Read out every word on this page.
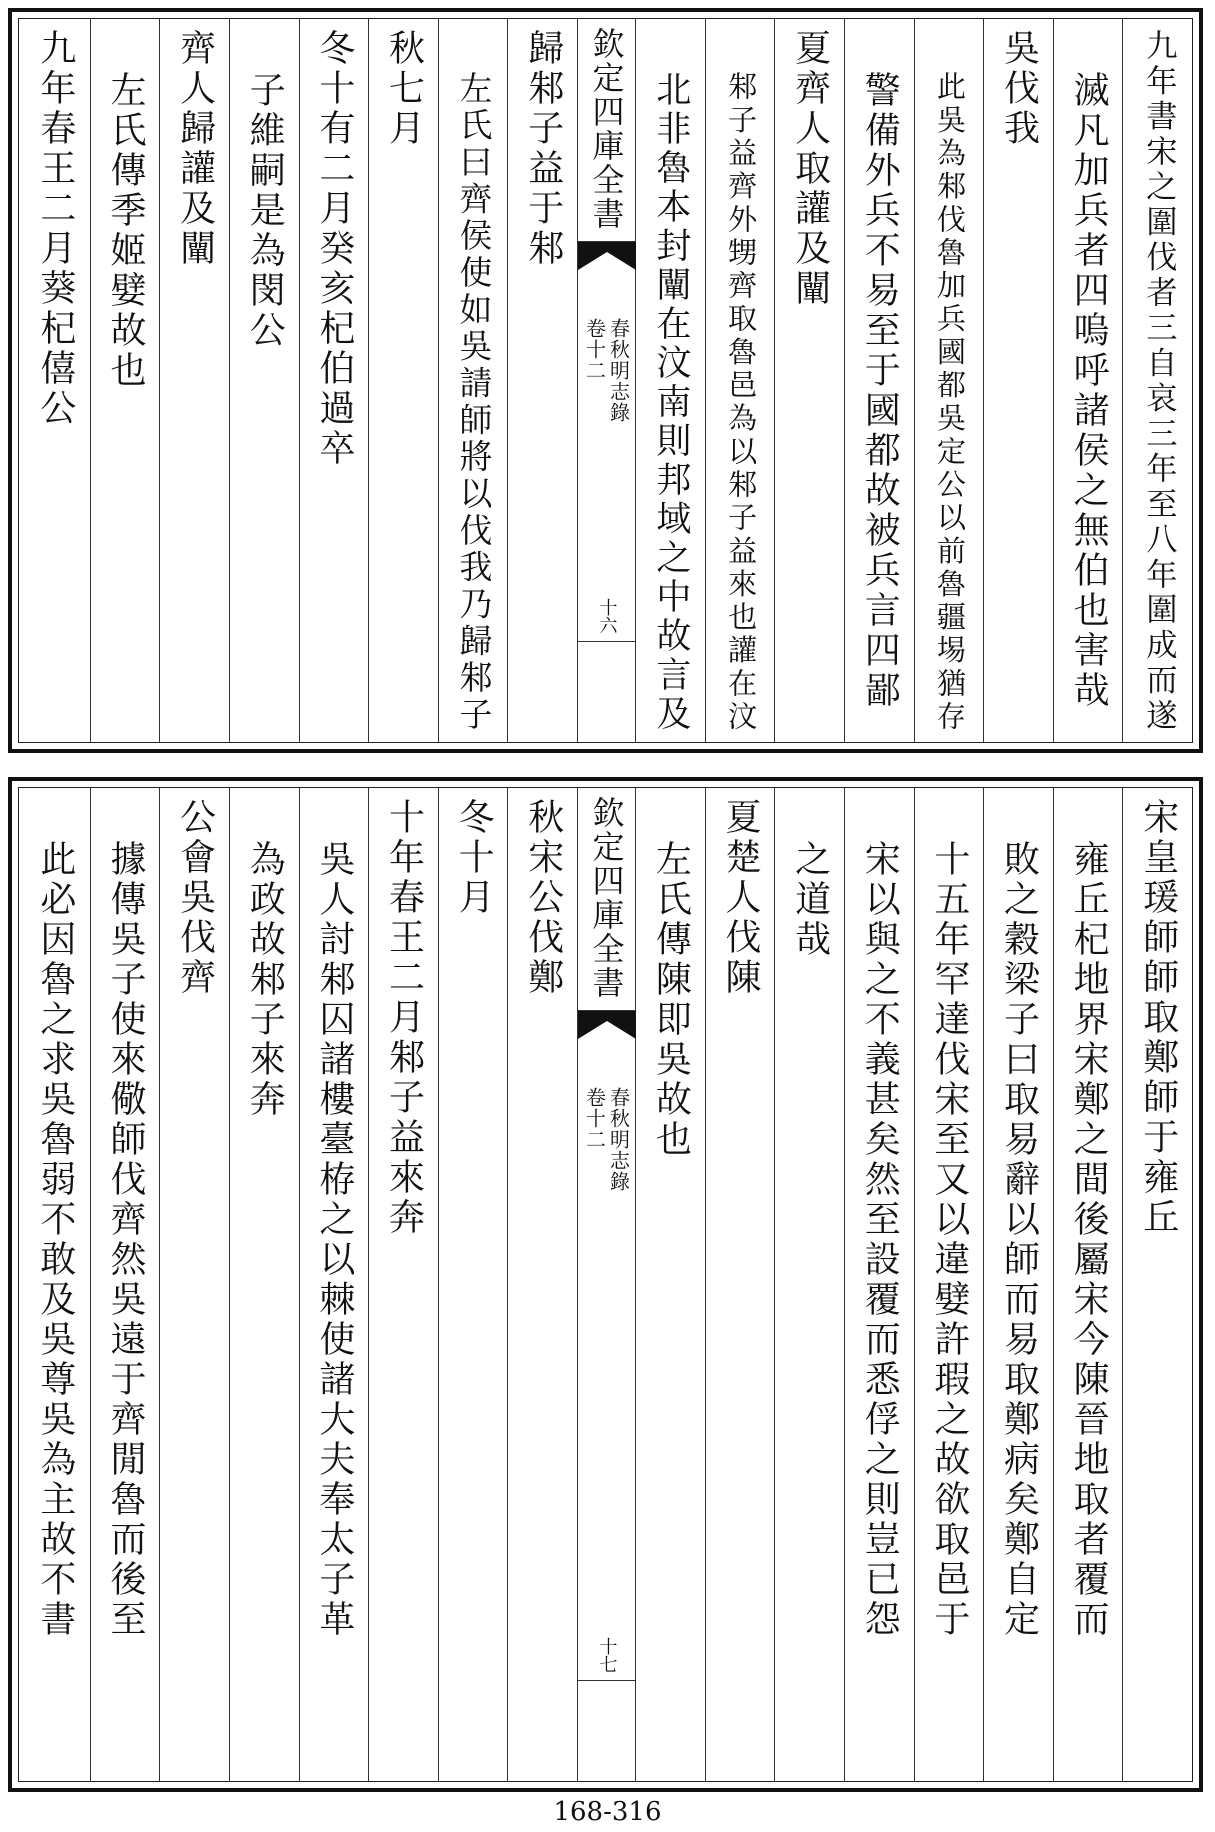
九年書宋之圍伐者三自哀三年至八年圍成而遂
滅凡加兵者四嗚呼諸侯之無伯也害哉
吳伐我
此吳為邾伐魯加兵國都吳定公以前魯疆埸猶存
警備外兵不易至于國都故被兵言四鄙
夏齊人取讙及闡
邾子益齊外甥齊取魯邑為以邾子益來也讙在汶
北非魯本封闡在汶南則邦域之中故言及
欽定四庫全書
春秋明志錄
卷十二
十六
歸邾子益于邾
左氏曰齊侯使如吳請師將以伐我乃歸邾子
秋七月
冬十有二月癸亥杞伯過卒
子維嗣是為閔公
齊人歸讙及闡
左氏傳季姬嬖故也
九年春王二月葵杞僖公
宋皇瑗師師取鄭師于雍丘
雍丘杞地界宋鄭之間後屬宋今陳晉地取者覆而
敗之穀梁子曰取易辭以師而易取鄭病矣鄭自定
十五年罕達伐宋至又以違嬖許瑕之故欲取邑于
宋以與之不義甚矣然至設覆而悉俘之則豈已怨
之道哉
夏楚人伐陳
左氏傳陳即吳故也
欽定四庫全書
春秋明志錄
卷十二
十七
秋宋公伐鄭
冬十月
十年春王二月邾子益來奔
吳人討邾囚諸樓臺栫之以棘使諸大夫奉太子革
為政故邾子來奔
公會吳伐齊
據傳吳子使來儆師伐齊然吳遠于齊閒魯而後至
此必因魯之求吳魯弱不敢及吳尊吳為主故不書
168-316
